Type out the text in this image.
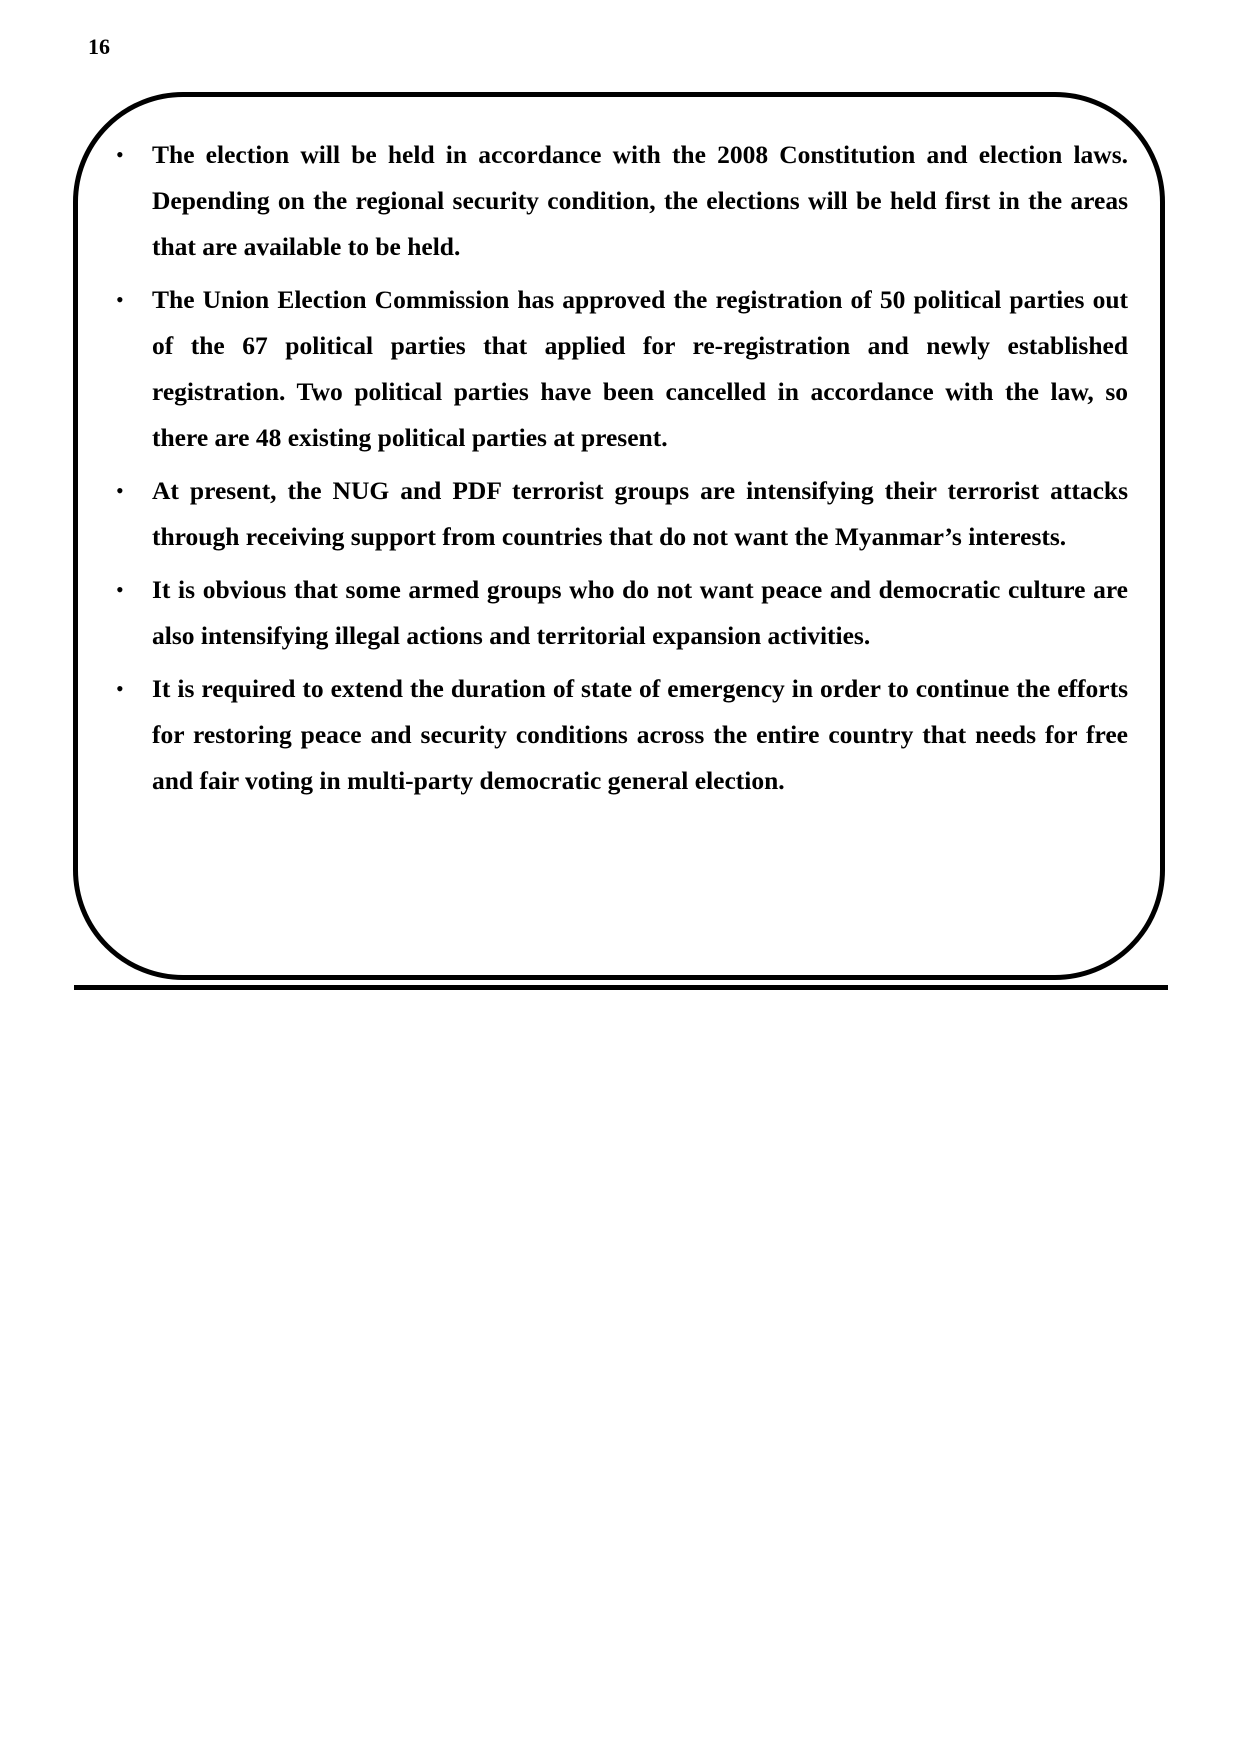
16
• The election will be held in accordance with the 2008 Constitution and election laws. Depending on the regional security condition, the elections will be held first in the areas that are available to be held.
• The Union Election Commission has approved the registration of 50 political parties out of the 67 political parties that applied for re-registration and newly established registration. Two political parties have been cancelled in accordance with the law, so there are 48 existing political parties at present.
• At present, the NUG and PDF terrorist groups are intensifying their terrorist attacks through receiving support from countries that do not want the Myanmar’s interests.
• It is obvious that some armed groups who do not want peace and democratic culture are also intensifying illegal actions and territorial expansion activities.
• It is required to extend the duration of state of emergency in order to continue the efforts for restoring peace and security conditions across the entire country that needs for free and fair voting in multi-party democratic general election.
